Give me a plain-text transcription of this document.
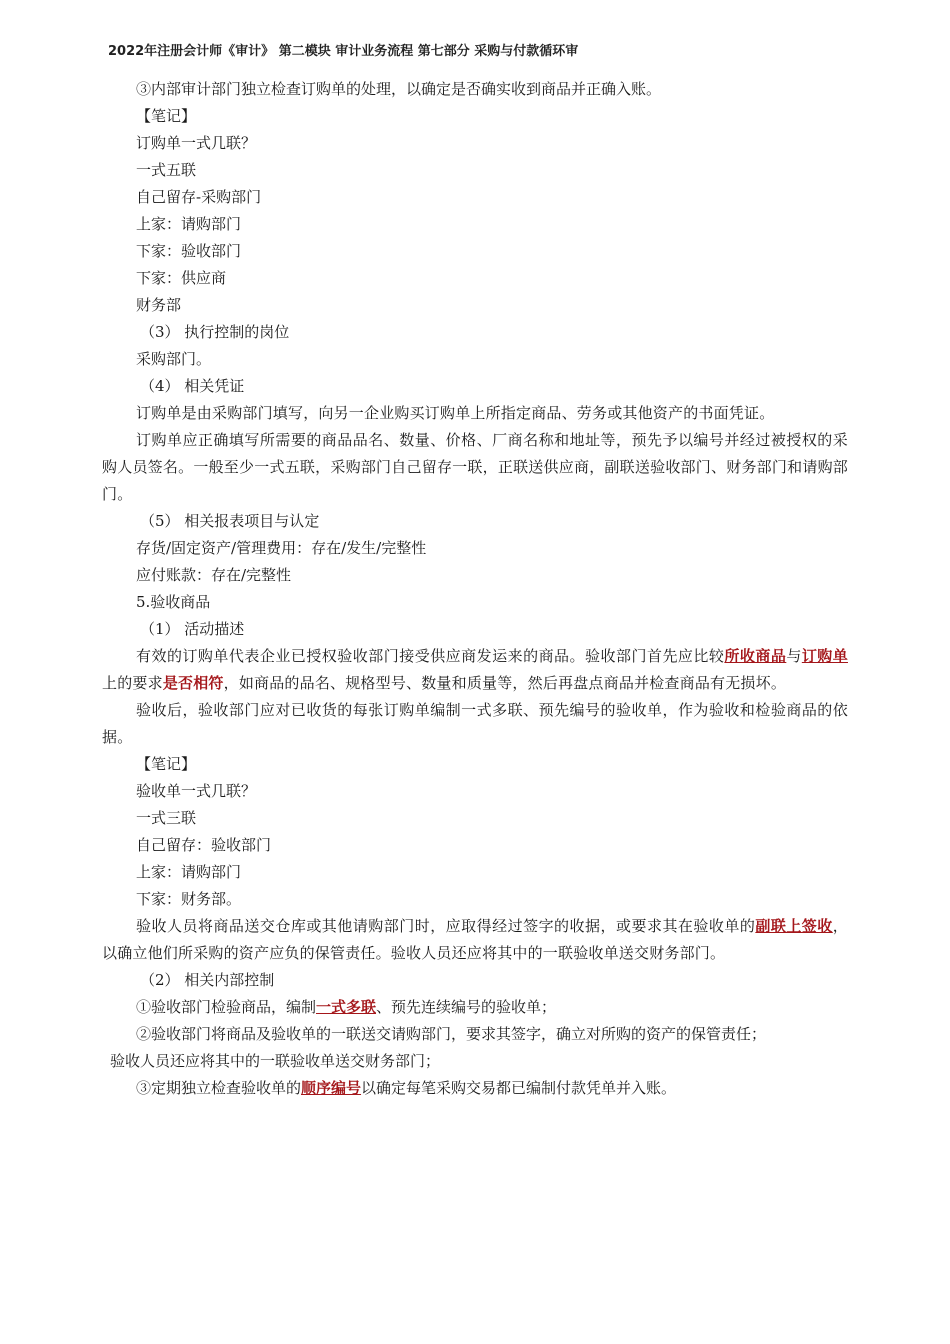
2022年注册会计师《审计》 第二模块 审计业务流程 第七部分 采购与付款循环审
③内部审计部门独立检查订购单的处理，以确定是否确实收到商品并正确入账。
【笔记】
订购单一式几联？
一式五联
自己留存-采购部门
上家：请购部门
下家：验收部门
下家：供应商
财务部
（3） 执行控制的岗位
采购部门。
（4） 相关凭证
订购单是由采购部门填写，向另一企业购买订购单上所指定商品、劳务或其他资产的书面凭证。
订购单应正确填写所需要的商品品名、数量、价格、厂商名称和地址等，预先予以编号并经过被授权的采购人员签名。一般至少一式五联，采购部门自己留存一联，正联送供应商，副联送验收部门、财务部门和请购部门。
（5） 相关报表项目与认定
存货/固定资产/管理费用：存在/发生/完整性
应付账款：存在/完整性
5.验收商品
（1） 活动描述
有效的订购单代表企业已授权验收部门接受供应商发运来的商品。验收部门首先应比较所收商品与订购单上的要求是否相符，如商品的品名、规格型号、数量和质量等，然后再盘点商品并检查商品有无损坏。
验收后，验收部门应对已收货的每张订购单编制一式多联、预先编号的验收单，作为验收和检验商品的依据。
【笔记】
验收单一式几联？
一式三联
自己留存：验收部门
上家：请购部门
下家：财务部。
验收人员将商品送交仓库或其他请购部门时，应取得经过签字的收据，或要求其在验收单的副联上签收，以确立他们所采购的资产应负的保管责任。验收人员还应将其中的一联验收单送交财务部门。
（2） 相关内部控制
①验收部门检验商品，编制一式多联、预先连续编号的验收单；
②验收部门将商品及验收单的一联送交请购部门，要求其签字，确立对所购的资产的保管责任；
验收人员还应将其中的一联验收单送交财务部门；
③定期独立检查验收单的顺序编号以确定每笔采购交易都已编制付款凭单并入账。
